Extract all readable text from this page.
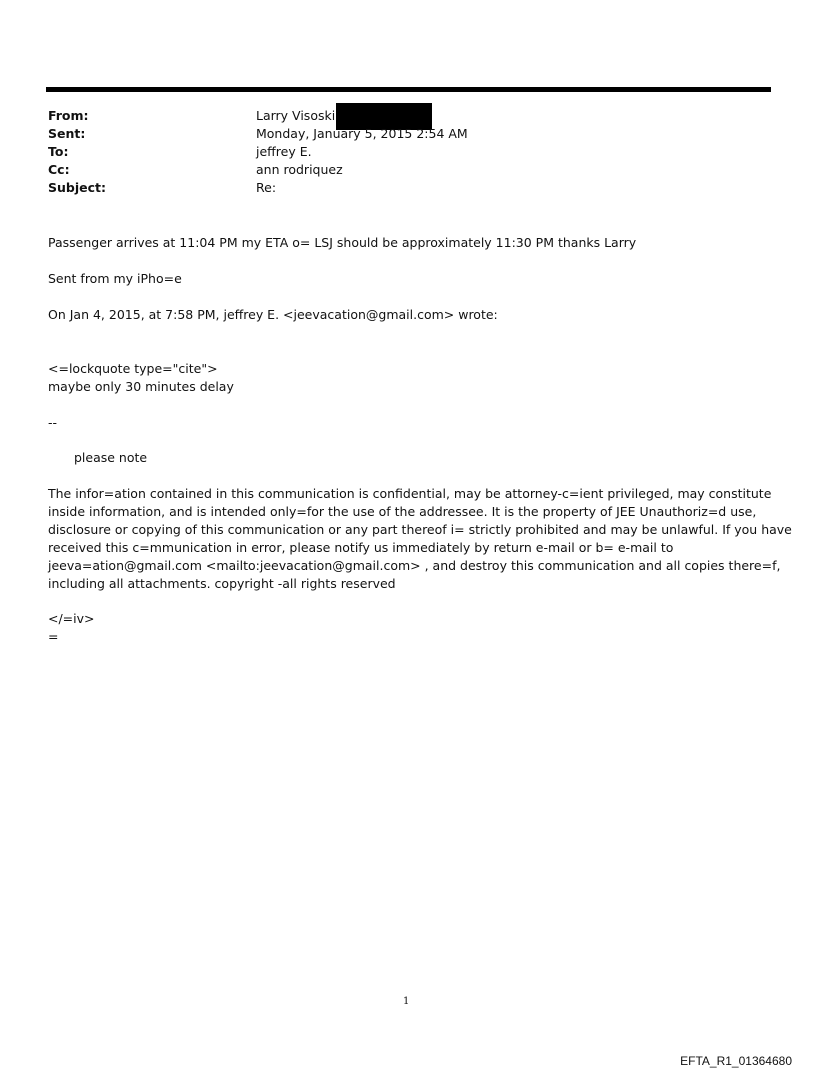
From:	Larry Visoski
Sent:	Monday, January 5, 2015 2:54 AM
To:	jeffrey E.
Cc:	ann rodriquez
Subject:	Re:
Passenger arrives at 11:04 PM my ETA o= LSJ should be approximately 11:30 PM thanks Larry
Sent from my iPho=e
On Jan 4, 2015, at 7:58 PM, jeffrey E. <jeevacation@gmail.com> wrote:
<=lockquote type="cite">
maybe only 30 minutes delay
--
please note
The infor=ation contained in this communication is confidential, may be attorney-c=ient privileged, may constitute
inside information, and is intended only=for the use of the addressee. It is the property of JEE Unauthoriz=d use,
disclosure or copying of this communication or any part thereof i= strictly prohibited and may be unlawful. If you have
received this c=mmunication in error, please notify us immediately by return e-mail or b= e-mail to
jeeva=ation@gmail.com <mailto:jeevacation@gmail.com> , and destroy this communication and all copies there=f,
including all attachments. copyright -all rights reserved
</=iv>
=
1
EFTA_R1_01364680
